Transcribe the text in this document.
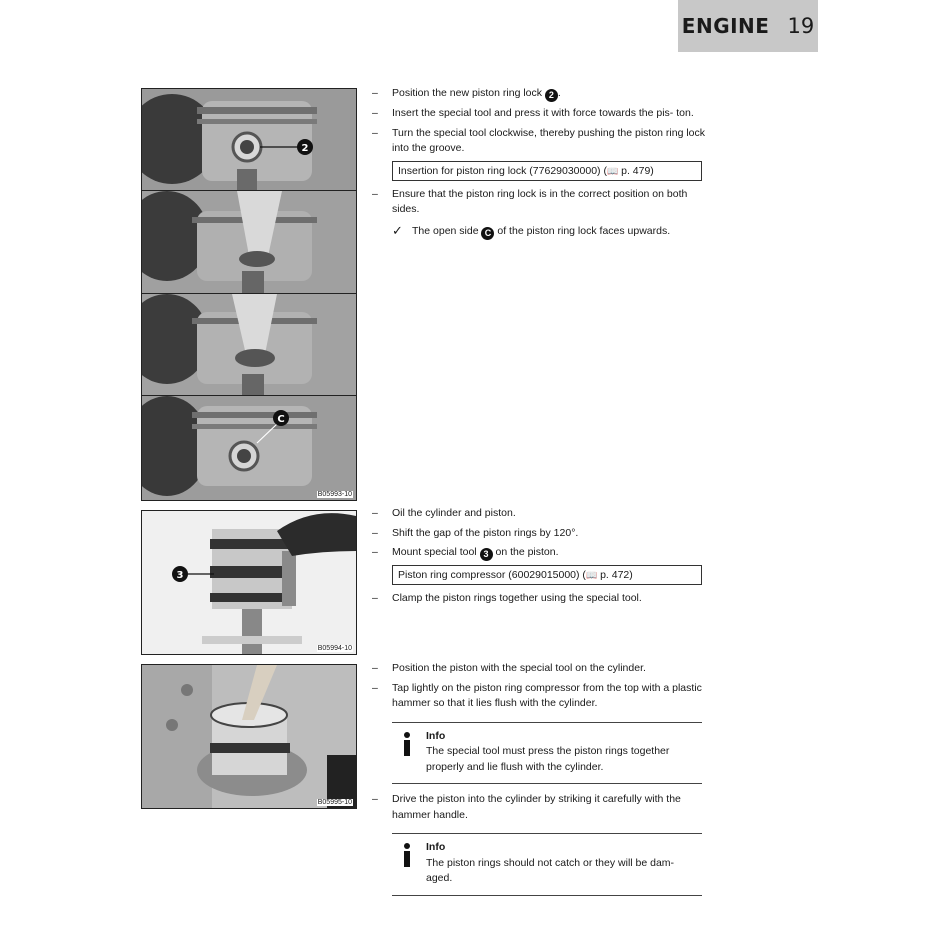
ENGINE 19
2
C
B05993-10
3
B05994-10
B05995-10
– Position the new piston ring lock 2 .
– Insert the special tool and press it with force towards the pis- ton.
– Turn the special tool clockwise, thereby pushing the piston ring lock into the groove.
Insertion for piston ring lock (77629030000) (📖 p. 479)
– Ensure that the piston ring lock is in the correct position on both sides.
✓ The open side C of the piston ring lock faces upwards.
– Oil the cylinder and piston.
– Shift the gap of the piston rings by 120°.
– Mount special tool 3 on the piston.
Piston ring compressor (60029015000) (📖 p. 472)
– Clamp the piston rings together using the special tool.
– Position the piston with the special tool on the cylinder.
– Tap lightly on the piston ring compressor from the top with a plastic hammer so that it lies flush with the cylinder.
Info
The special tool must press the piston rings together properly and lie flush with the cylinder.
– Drive the piston into the cylinder by striking it carefully with the hammer handle.
Info
The piston rings should not catch or they will be dam- aged.
